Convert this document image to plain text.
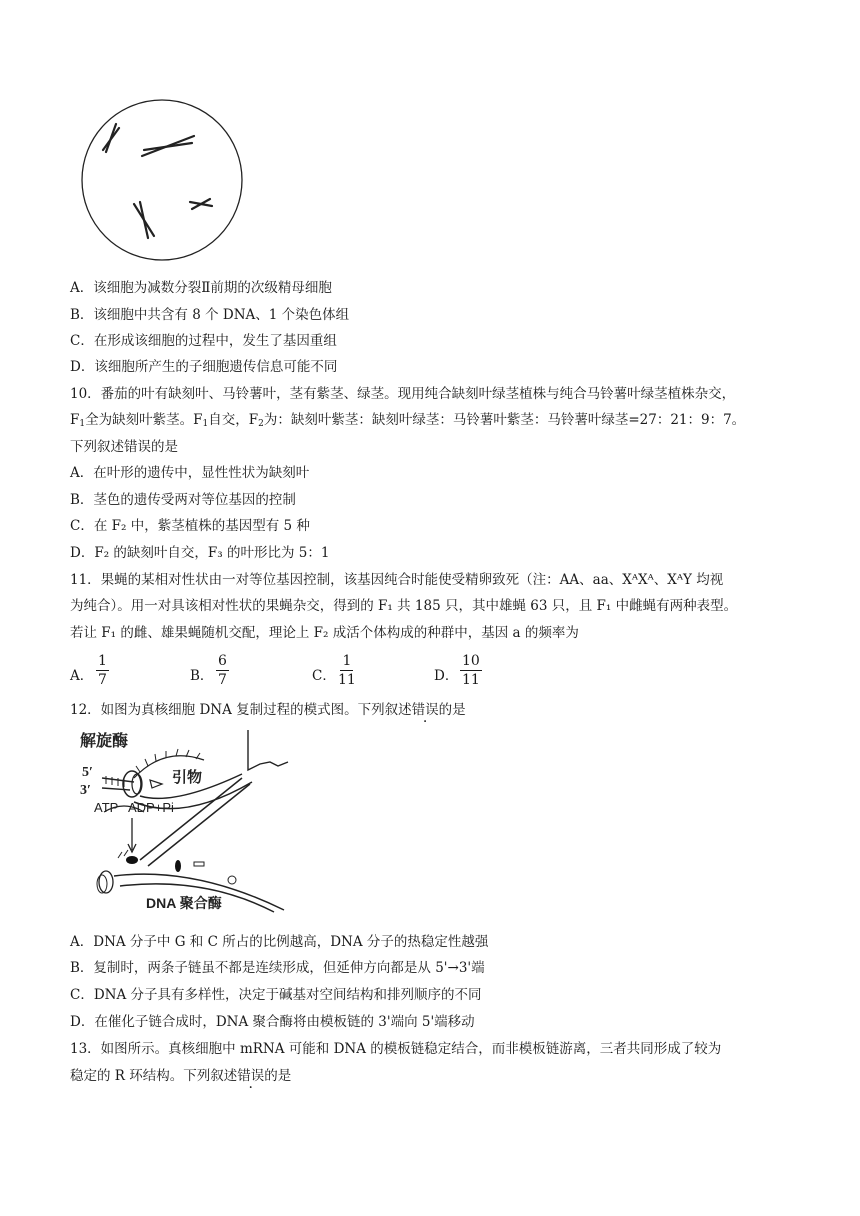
A．该细胞为减数分裂Ⅱ前期的次级精母细胞
B．该细胞中共含有 8 个 DNA、1 个染色体组
C．在形成该细胞的过程中，发生了基因重组
D．该细胞所产生的子细胞遗传信息可能不同
10．番茄的叶有缺刻叶、马铃薯叶，茎有紫茎、绿茎。现用纯合缺刻叶绿茎植株与纯合马铃薯叶绿茎植株杂交，
$F_1$全为缺刻叶紫茎。$F_1$自交，$F_2$为：缺刻叶紫茎：缺刻叶绿茎：马铃薯叶紫茎：马铃薯叶绿茎=27：21：9：7。
下列叙述错误的是
A．在叶形的遗传中，显性性状为缺刻叶
B．茎色的遗传受两对等位基因的控制
C．在 F₂ 中，紫茎植株的基因型有 5 种
D．F₂ 的缺刻叶自交，F₃ 的叶形比为 5：1
11．果蝇的某相对性状由一对等位基因控制，该基因纯合时能使受精卵致死（注：AA、aa、XᴬXᴬ、XᴬY 均视
为纯合）。用一对具该相对性状的果蝇杂交，得到的 F₁ 共 185 只，其中雄蝇 63 只，且 F₁ 中雌蝇有两种表型。
若让 F₁ 的雌、雄果蝇随机交配，理论上 F₂ 成活个体构成的种群中，基因 a 的频率为
A． $\frac{1}{7}$	B． $\frac{6}{7}$	C． $\frac{1}{11}$	D． $\frac{10}{11}$
12．如图为真核细胞 DNA 复制过程的模式图。下列叙述错误的是
解旋酶
引物
5′
3′
ATP ADP+Pi
DNA 聚合酶
A．DNA 分子中 G 和 C 所占的比例越高，DNA 分子的热稳定性越强
B．复制时，两条子链虽不都是连续形成，但延伸方向都是从 5'→3'端
C．DNA 分子具有多样性，决定于碱基对空间结构和排列顺序的不同
D．在催化子链合成时，DNA 聚合酶将由模板链的 3'端向 5'端移动
13．如图所示。真核细胞中 mRNA 可能和 DNA 的模板链稳定结合，而非模板链游离，三者共同形成了较为
稳定的 R 环结构。下列叙述错误的是
